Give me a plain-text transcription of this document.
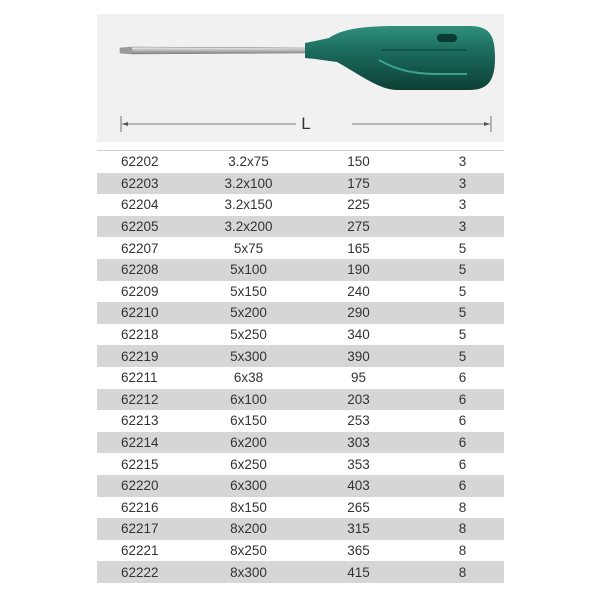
L
62202	3.2x75	150	3
62203	3.2x100	175	3
62204	3.2x150	225	3
62205	3.2x200	275	3
62207	5x75	165	5
62208	5x100	190	5
62209	5x150	240	5
62210	5x200	290	5
62218	5x250	340	5
62219	5x300	390	5
62211	6x38	95	6
62212	6x100	203	6
62213	6x150	253	6
62214	6x200	303	6
62215	6x250	353	6
62220	6x300	403	6
62216	8x150	265	8
62217	8x200	315	8
62221	8x250	365	8
62222	8x300	415	8
